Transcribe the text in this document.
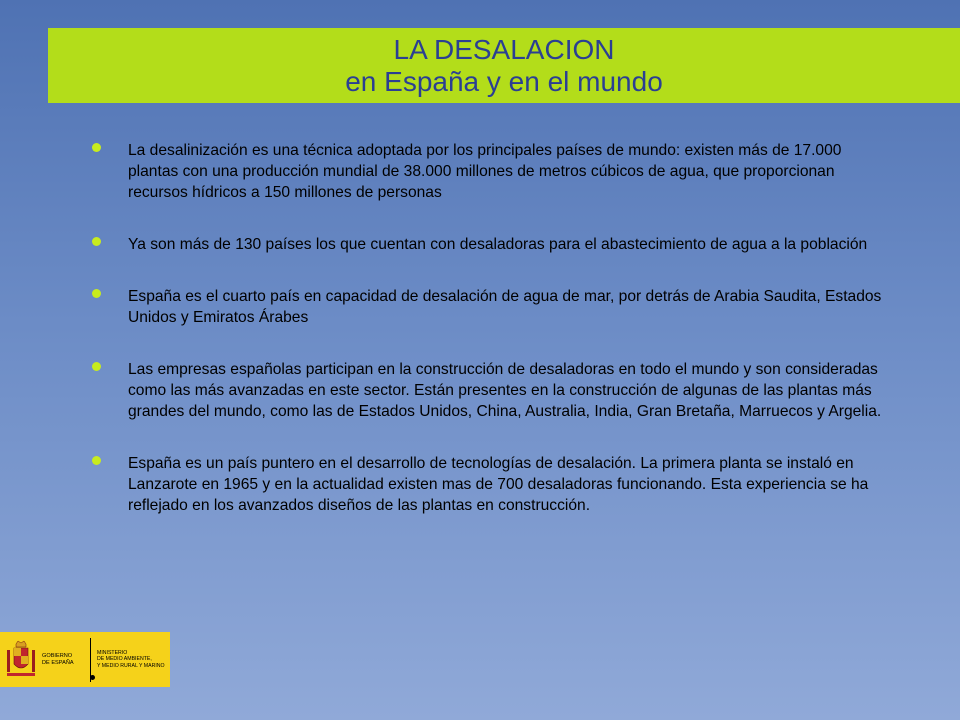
LA DESALACION
en España y en el mundo
La desalinización es una técnica adoptada por los principales países de mundo: existen más de 17.000 plantas con una producción mundial de 38.000 millones de metros cúbicos de agua, que proporcionan recursos hídricos a 150 millones de personas
Ya son más de 130 países los que cuentan con desaladoras para el abastecimiento de agua a la población
España es el cuarto país en capacidad de desalación de agua de mar, por detrás de Arabia Saudita, Estados Unidos y Emiratos Árabes
Las empresas españolas participan en la construcción de desaladoras en todo el mundo y son consideradas como las más avanzadas en este sector. Están presentes en la construcción de algunas de las plantas más grandes del mundo, como las de Estados Unidos, China, Australia, India, Gran Bretaña, Marruecos y Argelia.
España es un país puntero en el desarrollo de tecnologías de desalación. La primera planta se instaló en Lanzarote en 1965 y en la actualidad existen mas de 700 desaladoras funcionando. Esta experiencia se ha reflejado en los avanzados diseños de las plantas en construcción.
GOBIERNO
DE ESPAÑA
MINISTERIO
DE MEDIO AMBIENTE,
Y MEDIO RURAL Y MARINO
